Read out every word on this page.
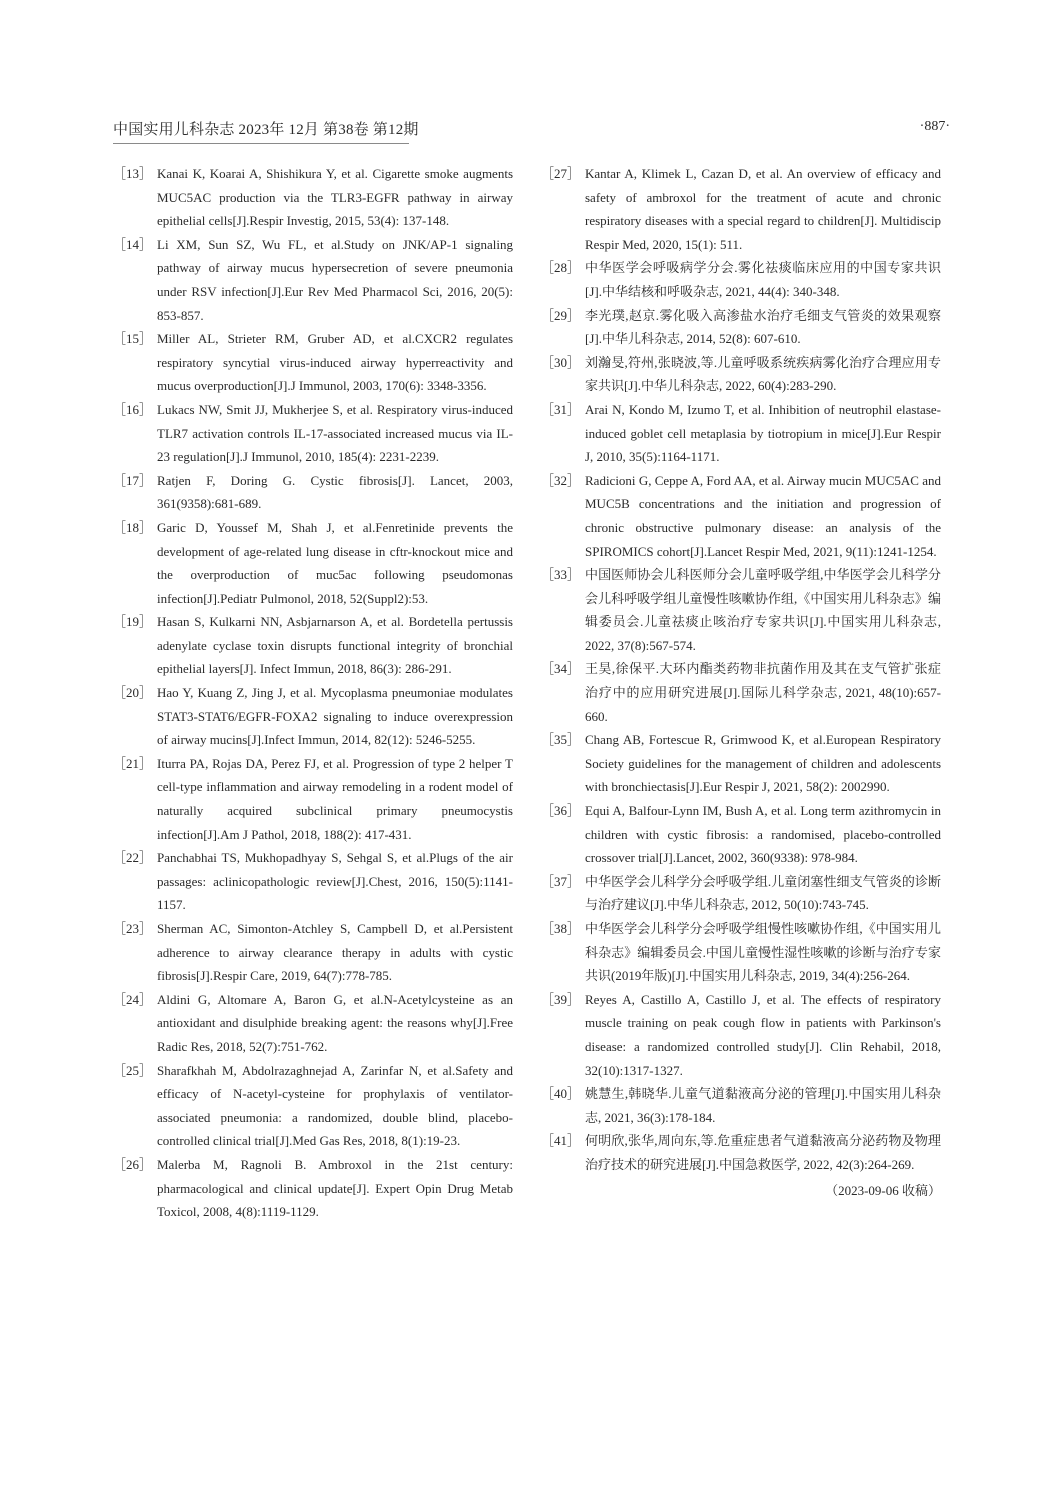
中国实用儿科杂志 2023年 12月 第38卷 第12期	·887·
［13］ Kanai K, Koarai A, Shishikura Y, et al. Cigarette smoke augments MUC5AC production via the TLR3-EGFR pathway in airway epithelial cells[J].Respir Investig, 2015, 53(4): 137-148.
［14］ Li XM, Sun SZ, Wu FL, et al.Study on JNK/AP-1 signaling pathway of airway mucus hypersecretion of severe pneumonia under RSV infection[J].Eur Rev Med Pharmacol Sci, 2016, 20(5): 853-857.
［15］ Miller AL, Strieter RM, Gruber AD, et al.CXCR2 regulates respiratory syncytial virus-induced airway hyperreactivity and mucus overproduction[J].J Immunol, 2003, 170(6): 3348-3356.
［16］ Lukacs NW, Smit JJ, Mukherjee S, et al. Respiratory virus-induced TLR7 activation controls IL-17-associated increased mucus via IL-23 regulation[J].J Immunol, 2010, 185(4): 2231-2239.
［17］ Ratjen F, Doring G. Cystic fibrosis[J]. Lancet, 2003, 361(9358):681-689.
［18］ Garic D, Youssef M, Shah J, et al.Fenretinide prevents the development of age-related lung disease in cftr-knockout mice and the overproduction of muc5ac following pseudomonas infection[J].Pediatr Pulmonol, 2018, 52(Suppl2):53.
［19］ Hasan S, Kulkarni NN, Asbjarnarson A, et al. Bordetella pertussis adenylate cyclase toxin disrupts functional integrity of bronchial epithelial layers[J]. Infect Immun, 2018, 86(3): 286-291.
［20］ Hao Y, Kuang Z, Jing J, et al. Mycoplasma pneumoniae modulates STAT3-STAT6/EGFR-FOXA2 signaling to induce overexpression of airway mucins[J].Infect Immun, 2014, 82(12): 5246-5255.
［21］ Iturra PA, Rojas DA, Perez FJ, et al. Progression of type 2 helper T cell-type inflammation and airway remodeling in a rodent model of naturally acquired subclinical primary pneumocystis infection[J].Am J Pathol, 2018, 188(2): 417-431.
［22］ Panchabhai TS, Mukhopadhyay S, Sehgal S, et al.Plugs of the air passages: aclinicopathologic review[J].Chest, 2016, 150(5):1141-1157.
［23］ Sherman AC, Simonton-Atchley S, Campbell D, et al.Persistent adherence to airway clearance therapy in adults with cystic fibrosis[J].Respir Care, 2019, 64(7):778-785.
［24］ Aldini G, Altomare A, Baron G, et al.N-Acetylcysteine as an antioxidant and disulphide breaking agent: the reasons why[J].Free Radic Res, 2018, 52(7):751-762.
［25］ Sharafkhah M, Abdolrazaghnejad A, Zarinfar N, et al.Safety and efficacy of N-acetyl-cysteine for prophylaxis of ventilator-associated pneumonia: a randomized, double blind, placebo-controlled clinical trial[J].Med Gas Res, 2018, 8(1):19-23.
［26］ Malerba M, Ragnoli B. Ambroxol in the 21st century: pharmacological and clinical update[J]. Expert Opin Drug Metab Toxicol, 2008, 4(8):1119-1129.
［27］ Kantar A, Klimek L, Cazan D, et al. An overview of efficacy and safety of ambroxol for the treatment of acute and chronic respiratory diseases with a special regard to children[J]. Multidiscip Respir Med, 2020, 15(1): 511.
［28］ 中华医学会呼吸病学分会.雾化祛痰临床应用的中国专家共识[J].中华结核和呼吸杂志, 2021, 44(4): 340-348.
［29］ 李光璞,赵京.雾化吸入高渗盐水治疗毛细支气管炎的效果观察[J].中华儿科杂志, 2014, 52(8): 607-610.
［30］ 刘瀚旻,符州,张晓波,等.儿童呼吸系统疾病雾化治疗合理应用专家共识[J].中华儿科杂志, 2022, 60(4):283-290.
［31］ Arai N, Kondo M, Izumo T, et al. Inhibition of neutrophil elastase- induced goblet cell metaplasia by tiotropium in mice[J].Eur Respir J, 2010, 35(5):1164-1171.
［32］ Radicioni G, Ceppe A, Ford AA, et al. Airway mucin MUC5AC and MUC5B concentrations and the initiation and progression of chronic obstructive pulmonary disease: an analysis of the SPIROMICS cohort[J].Lancet Respir Med, 2021, 9(11):1241-1254.
［33］ 中国医师协会儿科医师分会儿童呼吸学组,中华医学会儿科学分会儿科呼吸学组儿童慢性咳嗽协作组,《中国实用儿科杂志》编辑委员会.儿童祛痰止咳治疗专家共识[J].中国实用儿科杂志, 2022, 37(8):567-574.
［34］ 王昊,徐保平.大环内酯类药物非抗菌作用及其在支气管扩张症治疗中的应用研究进展[J].国际儿科学杂志, 2021, 48(10):657-660.
［35］ Chang AB, Fortescue R, Grimwood K, et al.European Respiratory Society guidelines for the management of children and adolescents with bronchiectasis[J].Eur Respir J, 2021, 58(2): 2002990.
［36］ Equi A, Balfour-Lynn IM, Bush A, et al. Long term azithromycin in children with cystic fibrosis: a randomised, placebo-controlled crossover trial[J].Lancet, 2002, 360(9338): 978-984.
［37］ 中华医学会儿科学分会呼吸学组.儿童闭塞性细支气管炎的诊断与治疗建议[J].中华儿科杂志, 2012, 50(10):743-745.
［38］ 中华医学会儿科学分会呼吸学组慢性咳嗽协作组,《中国实用儿科杂志》编辑委员会.中国儿童慢性湿性咳嗽的诊断与治疗专家共识(2019年版)[J].中国实用儿科杂志, 2019, 34(4):256-264.
［39］ Reyes A, Castillo A, Castillo J, et al. The effects of respiratory muscle training on peak cough flow in patients with Parkinson's disease: a randomized controlled study[J]. Clin Rehabil, 2018, 32(10):1317-1327.
［40］ 姚慧生,韩晓华.儿童气道黏液高分泌的管理[J].中国实用儿科杂志, 2021, 36(3):178-184.
［41］ 何明欣,张华,周向东,等.危重症患者气道黏液高分泌药物及物理治疗技术的研究进展[J].中国急救医学, 2022, 42(3):264-269.
（2023-09-06 收稿）
